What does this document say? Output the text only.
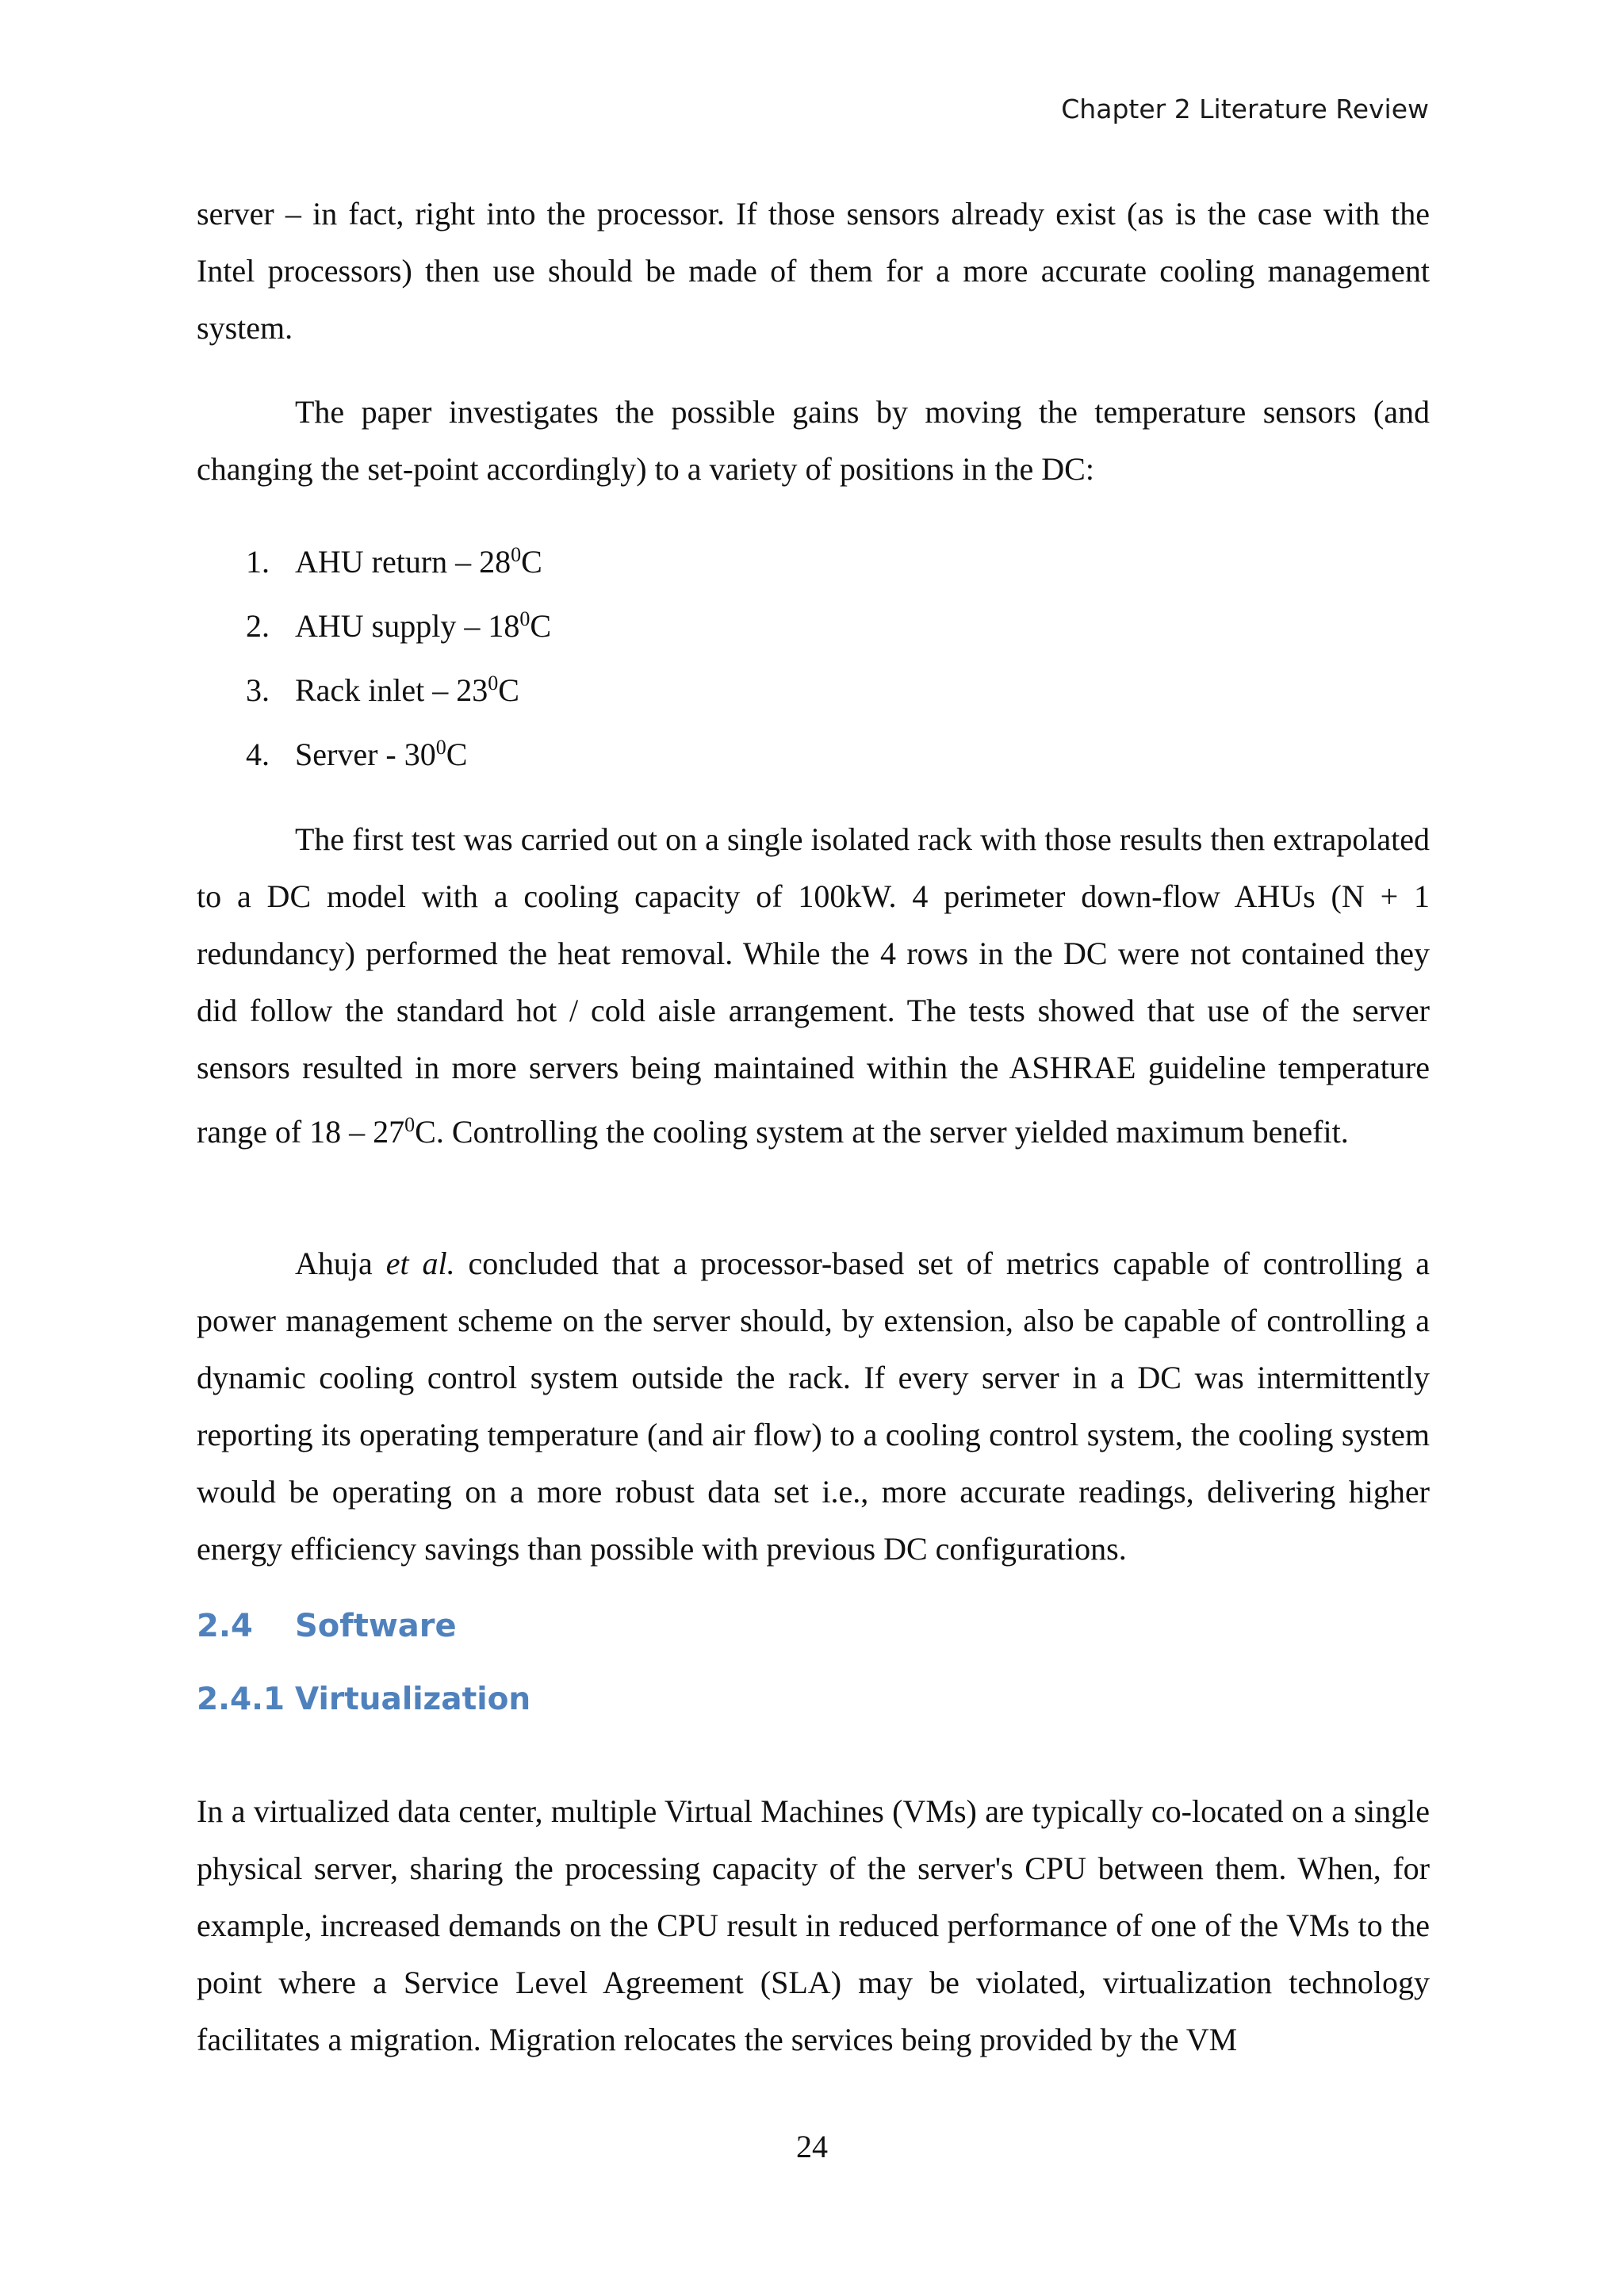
Chapter 2 Literature Review

server – in fact, right into the processor. If those sensors already exist (as is the case with the Intel processors) then use should be made of them for a more accurate cooling management system.

The paper investigates the possible gains by moving the temperature sensors (and changing the set-point accordingly) to a variety of positions in the DC:

1. AHU return – $28^0C$
2. AHU supply – $18^0C$
3. Rack inlet – $23^0C$
4. Server - $30^0C$

The first test was carried out on a single isolated rack with those results then extrapolated to a DC model with a cooling capacity of 100kW. 4 perimeter down-flow AHUs (N + 1 redundancy) performed the heat removal. While the 4 rows in the DC were not contained they did follow the standard hot / cold aisle arrangement. The tests showed that use of the server sensors resulted in more servers being maintained within the ASHRAE guideline temperature range of $18 - 27^0C$. Controlling the cooling system at the server yielded maximum benefit.

Ahuja et al. concluded that a processor-based set of metrics capable of controlling a power management scheme on the server should, by extension, also be capable of controlling a dynamic cooling control system outside the rack. If every server in a DC was intermittently reporting its operating temperature (and air flow) to a cooling control system, the cooling system would be operating on a more robust data set i.e., more accurate readings, delivering higher energy efficiency savings than possible with previous DC configurations.

2.4 Software
2.4.1 Virtualization

In a virtualized data center, multiple Virtual Machines (VMs) are typically co-located on a single physical server, sharing the processing capacity of the server's CPU between them. When, for example, increased demands on the CPU result in reduced performance of one of the VMs to the point where a Service Level Agreement (SLA) may be violated, virtualization technology facilitates a migration. Migration relocates the services being provided by the VM

24
